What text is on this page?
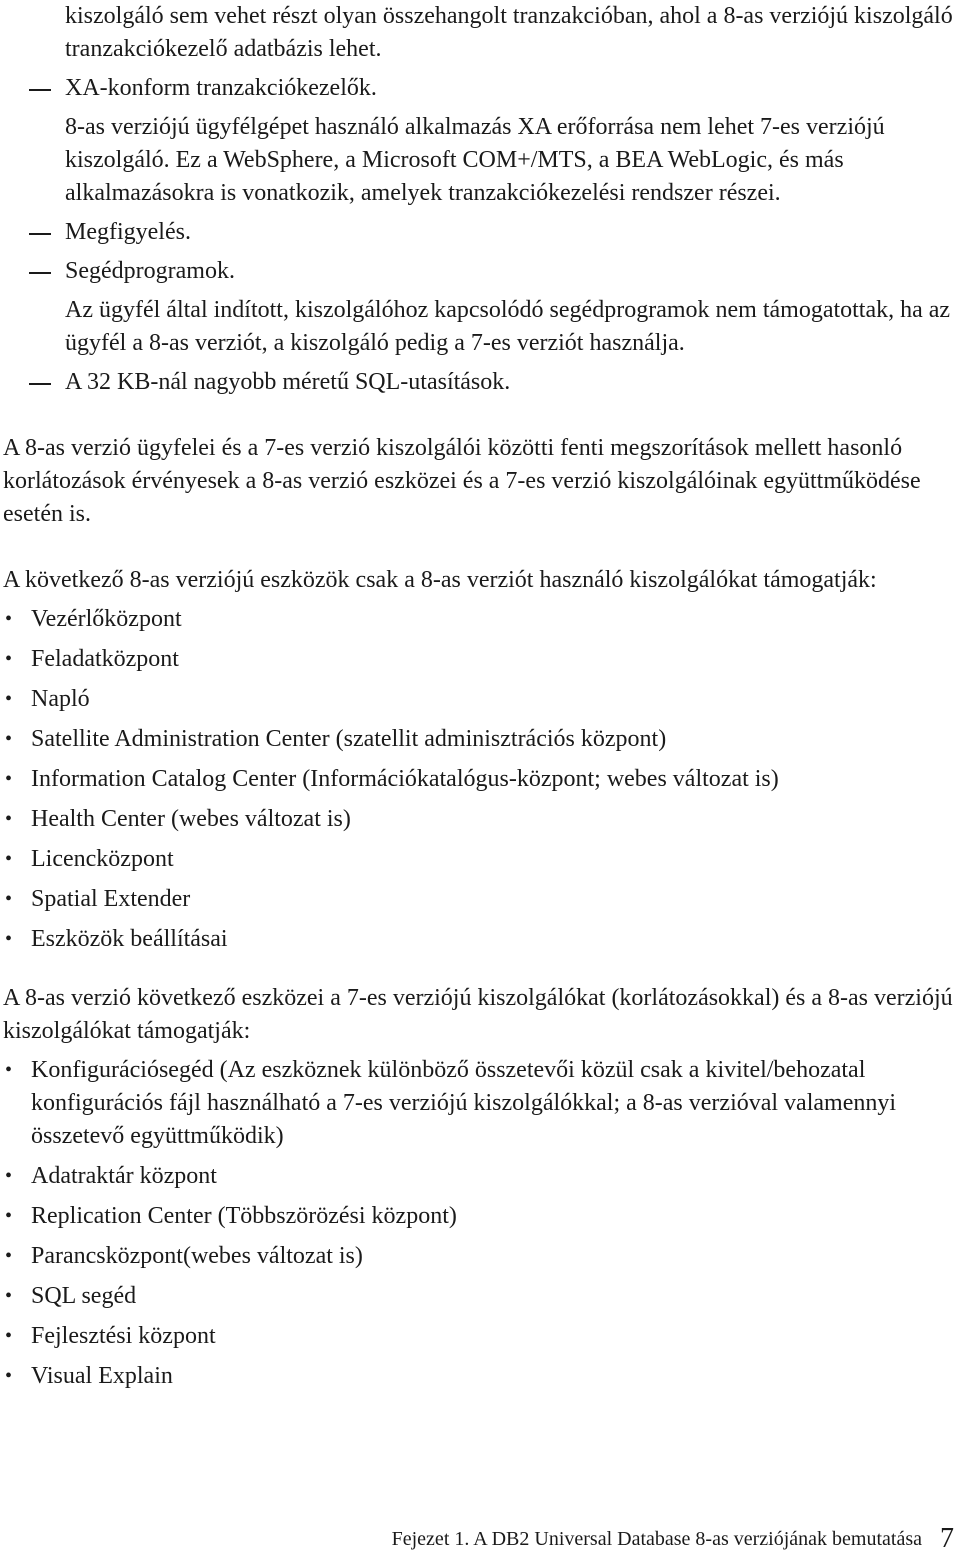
kiszolgáló sem vehet részt olyan összehangolt tranzakcióban, ahol a 8-as verziójú kiszolgáló tranzakciókezelő adatbázis lehet.

XA-konform tranzakciókezelők.
8-as verziójú ügyfélgépet használó alkalmazás XA erőforrása nem lehet 7-es verziójú kiszolgáló. Ez a WebSphere, a Microsoft COM+/MTS, a BEA WebLogic, és más alkalmazásokra is vonatkozik, amelyek tranzakciókezelési rendszer részei.
Megfigyelés.
Segédprogramok.
Az ügyfél által indított, kiszolgálóhoz kapcsolódó segédprogramok nem támogatottak, ha az ügyfél a 8-as verziót, a kiszolgáló pedig a 7-es verziót használja.
A 32 KB-nál nagyobb méretű SQL-utasítások.

A 8-as verzió ügyfelei és a 7-es verzió kiszolgálói közötti fenti megszorítások mellett hasonló korlátozások érvényesek a 8-as verzió eszközei és a 7-es verzió kiszolgálóinak együttműködése esetén is.

A következő 8-as verziójú eszközök csak a 8-as verziót használó kiszolgálókat támogatják:

• Vezérlőközpont
• Feladatközpont
• Napló
• Satellite Administration Center (szatellit adminisztrációs központ)
• Information Catalog Center (Információkatalógus-központ; webes változat is)
• Health Center (webes változat is)
• Licencközpont
• Spatial Extender
• Eszközök beállításai

A 8-as verzió következő eszközei a 7-es verziójú kiszolgálókat (korlátozásokkal) és a 8-as verziójú kiszolgálókat támogatják:

• Konfigurációsegéd (Az eszköznek különböző összetevői közül csak a kivitel/behozatal konfigurációs fájl használható a 7-es verziójú kiszolgálókkal; a 8-as verzióval valamennyi összetevő együttműködik)
• Adatraktár központ
• Replication Center (Többszörözési központ)
• Parancsközpont(webes változat is)
• SQL segéd
• Fejlesztési központ
• Visual Explain
Fejezet 1. A DB2 Universal Database 8-as verziójának bemutatása 7
